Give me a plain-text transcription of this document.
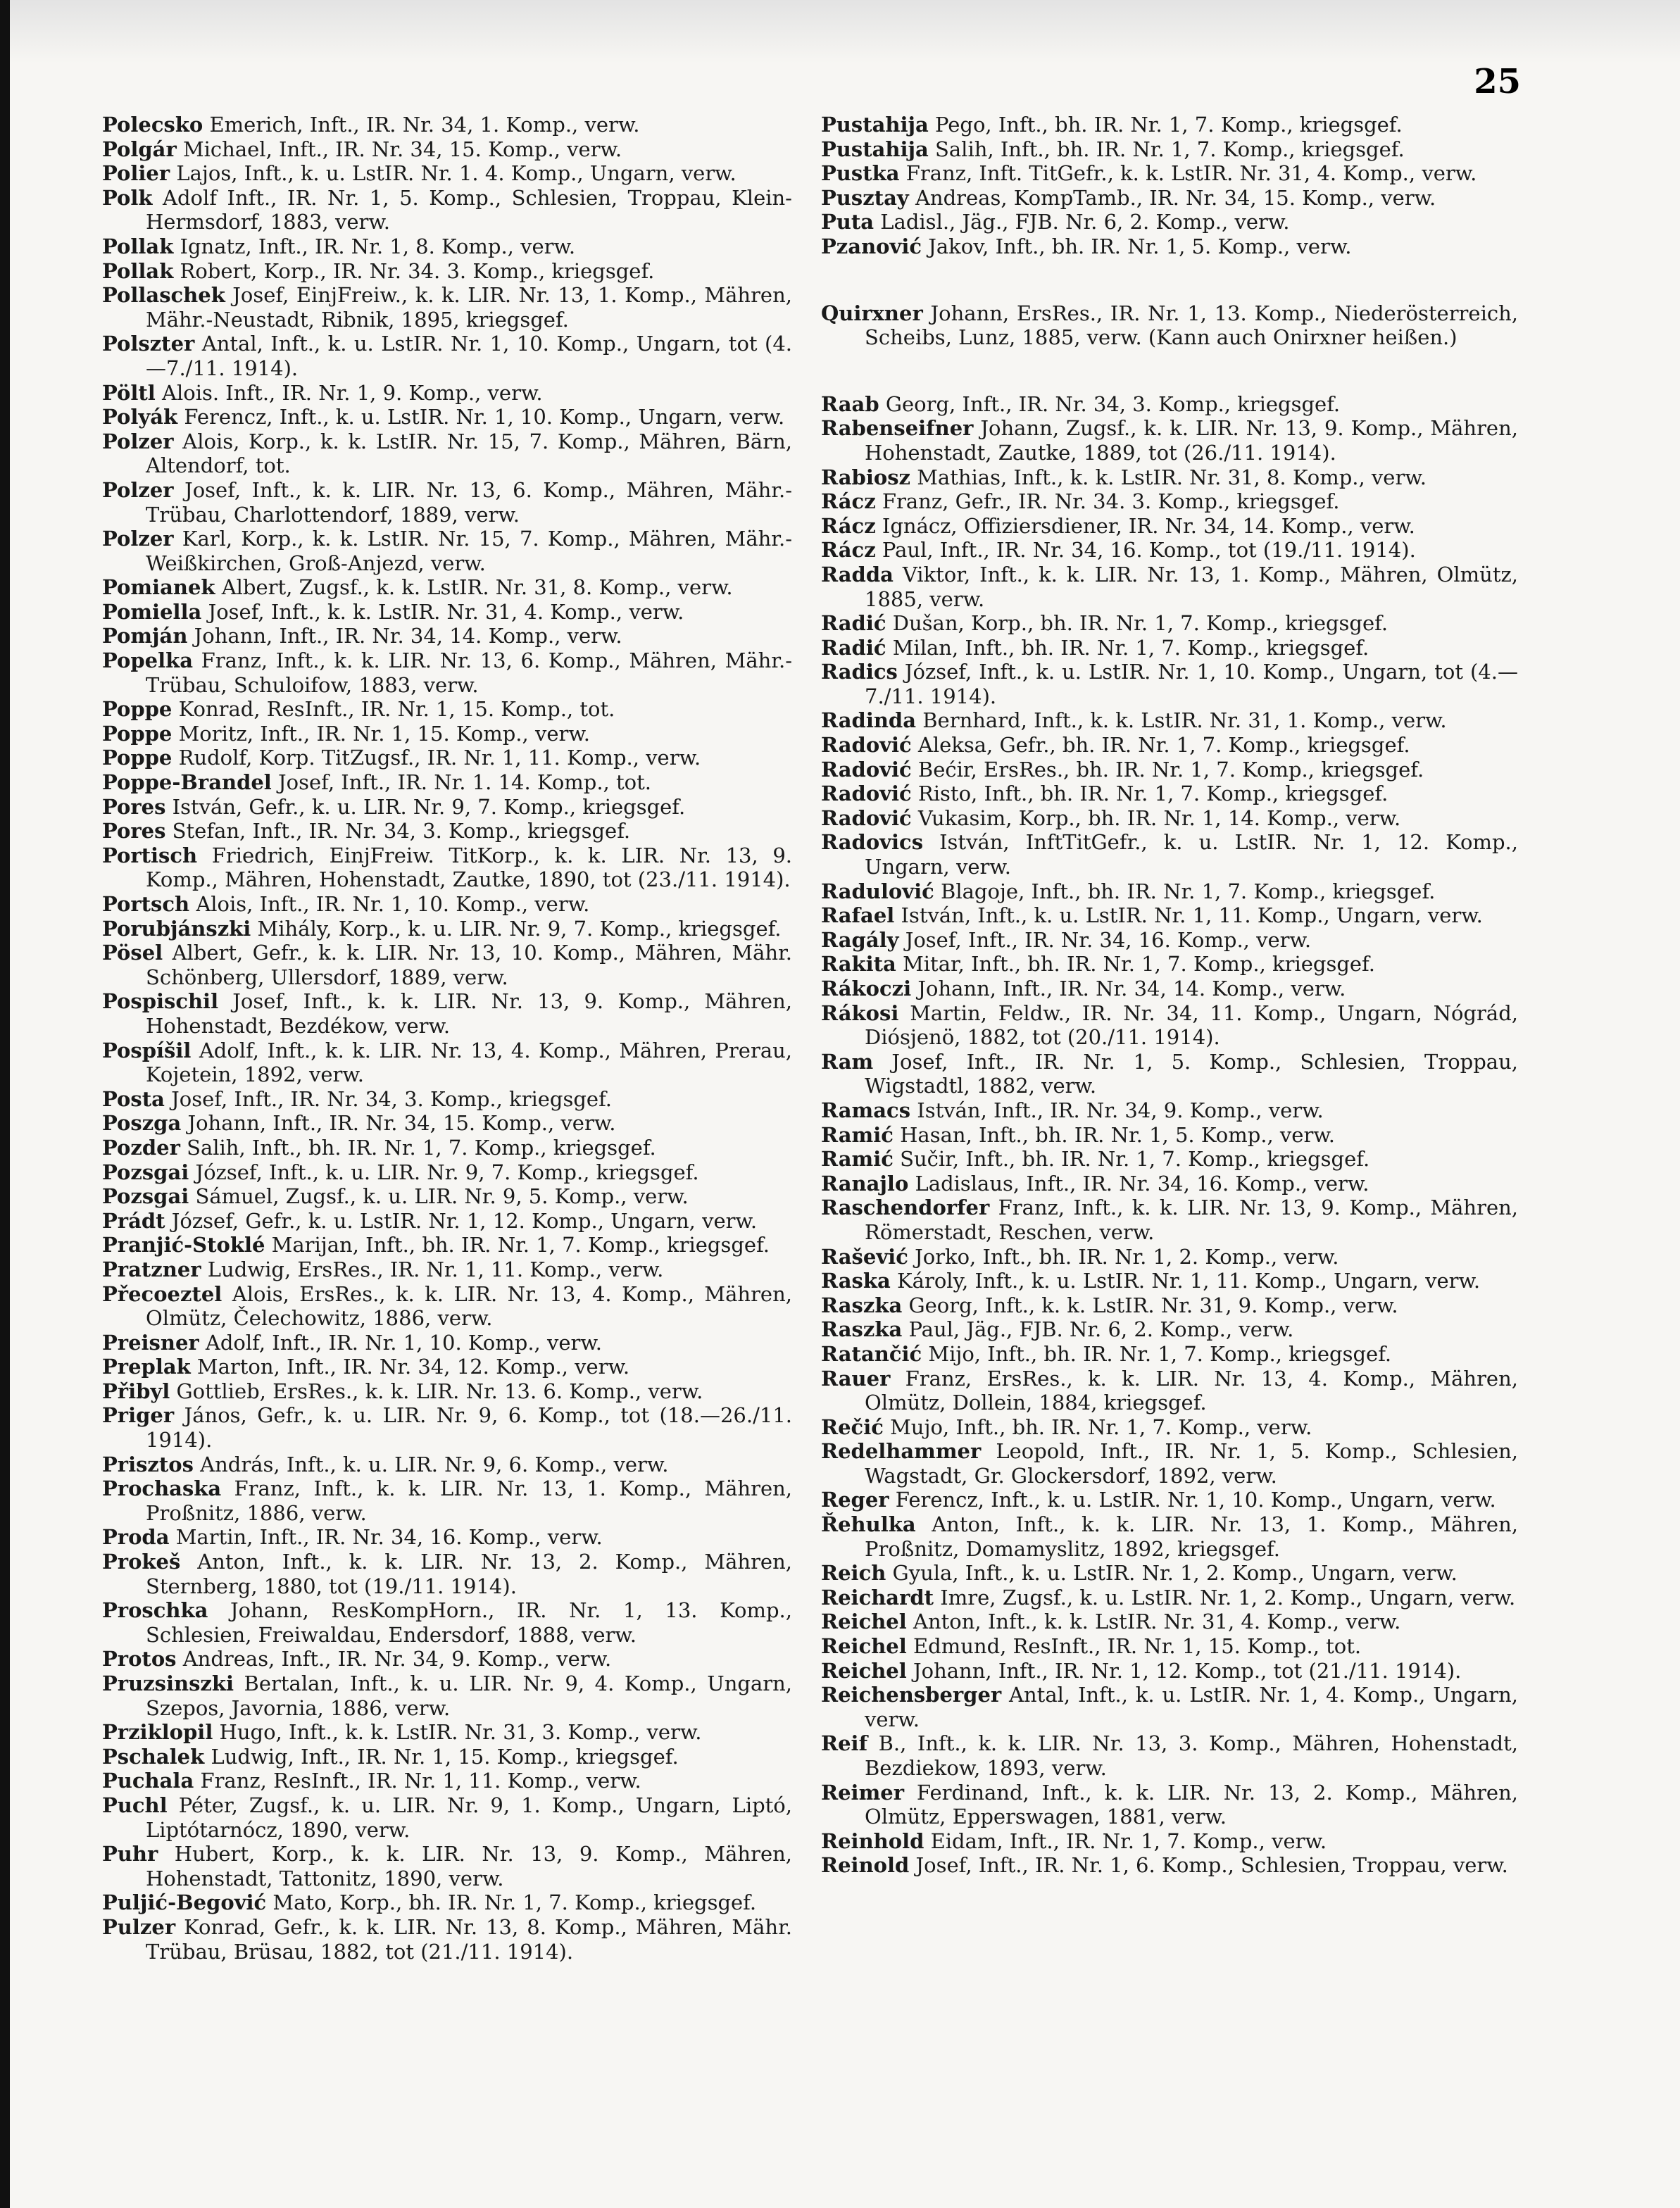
25
Polecsko Emerich, Inft., IR. Nr. 34, 1. Komp., verw.
Polgár Michael, Inft., IR. Nr. 34, 15. Komp., verw.
Polier Lajos, Inft., k. u. LstIR. Nr. 1. 4. Komp., Ungarn, verw.
Polk Adolf Inft., IR. Nr. 1, 5. Komp., Schlesien, Troppau, Klein-Hermsdorf, 1883, verw.
Pollak Ignatz, Inft., IR. Nr. 1, 8. Komp., verw.
Pollak Robert, Korp., IR. Nr. 34. 3. Komp., kriegsgef.
Pollaschek Josef, EinjFreiw., k. k. LIR. Nr. 13, 1. Komp., Mähren, Mähr.-Neustadt, Ribnik, 1895, kriegsgef.
Polszter Antal, Inft., k. u. LstIR. Nr. 1, 10. Komp., Ungarn, tot (4.—7./11. 1914).
Pöltl Alois. Inft., IR. Nr. 1, 9. Komp., verw.
Polyák Ferencz, Inft., k. u. LstIR. Nr. 1, 10. Komp., Ungarn, verw.
Polzer Alois, Korp., k. k. LstIR. Nr. 15, 7. Komp., Mähren, Bärn, Altendorf, tot.
Polzer Josef, Inft., k. k. LIR. Nr. 13, 6. Komp., Mähren, Mähr.-Trübau, Charlottendorf, 1889, verw.
Polzer Karl, Korp., k. k. LstIR. Nr. 15, 7. Komp., Mähren, Mähr.-Weißkirchen, Groß-Anjezd, verw.
Pomianek Albert, Zugsf., k. k. LstIR. Nr. 31, 8. Komp., verw.
Pomiella Josef, Inft., k. k. LstIR. Nr. 31, 4. Komp., verw.
Pomján Johann, Inft., IR. Nr. 34, 14. Komp., verw.
Popelka Franz, Inft., k. k. LIR. Nr. 13, 6. Komp., Mähren, Mähr.-Trübau, Schuloifow, 1883, verw.
Poppe Konrad, ResInft., IR. Nr. 1, 15. Komp., tot.
Poppe Moritz, Inft., IR. Nr. 1, 15. Komp., verw.
Poppe Rudolf, Korp. TitZugsf., IR. Nr. 1, 11. Komp., verw.
Poppe-Brandel Josef, Inft., IR. Nr. 1. 14. Komp., tot.
Pores István, Gefr., k. u. LIR. Nr. 9, 7. Komp., kriegsgef.
Pores Stefan, Inft., IR. Nr. 34, 3. Komp., kriegsgef.
Portisch Friedrich, EinjFreiw. TitKorp., k. k. LIR. Nr. 13, 9. Komp., Mähren, Hohenstadt, Zautke, 1890, tot (23./11. 1914).
Portsch Alois, Inft., IR. Nr. 1, 10. Komp., verw.
Porubjánszki Mihály, Korp., k. u. LIR. Nr. 9, 7. Komp., kriegsgef.
Pösel Albert, Gefr., k. k. LIR. Nr. 13, 10. Komp., Mähren, Mähr. Schönberg, Ullersdorf, 1889, verw.
Pospischil Josef, Inft., k. k. LIR. Nr. 13, 9. Komp., Mähren, Hohenstadt, Bezdékow, verw.
Pospíšil Adolf, Inft., k. k. LIR. Nr. 13, 4. Komp., Mähren, Prerau, Kojetein, 1892, verw.
Posta Josef, Inft., IR. Nr. 34, 3. Komp., kriegsgef.
Poszga Johann, Inft., IR. Nr. 34, 15. Komp., verw.
Pozder Salih, Inft., bh. IR. Nr. 1, 7. Komp., kriegsgef.
Pozsgai József, Inft., k. u. LIR. Nr. 9, 7. Komp., kriegsgef.
Pozsgai Sámuel, Zugsf., k. u. LIR. Nr. 9, 5. Komp., verw.
Prádt József, Gefr., k. u. LstIR. Nr. 1, 12. Komp., Ungarn, verw.
Pranjić-Stoklé Marijan, Inft., bh. IR. Nr. 1, 7. Komp., kriegsgef.
Pratzner Ludwig, ErsRes., IR. Nr. 1, 11. Komp., verw.
Přecoeztel Alois, ErsRes., k. k. LIR. Nr. 13, 4. Komp., Mähren, Olmütz, Čelechowitz, 1886, verw.
Preisner Adolf, Inft., IR. Nr. 1, 10. Komp., verw.
Preplak Marton, Inft., IR. Nr. 34, 12. Komp., verw.
Přibyl Gottlieb, ErsRes., k. k. LIR. Nr. 13. 6. Komp., verw.
Priger János, Gefr., k. u. LIR. Nr. 9, 6. Komp., tot (18.—26./11. 1914).
Prisztos András, Inft., k. u. LIR. Nr. 9, 6. Komp., verw.
Prochaska Franz, Inft., k. k. LIR. Nr. 13, 1. Komp., Mähren, Proßnitz, 1886, verw.
Proda Martin, Inft., IR. Nr. 34, 16. Komp., verw.
Prokeš Anton, Inft., k. k. LIR. Nr. 13, 2. Komp., Mähren, Sternberg, 1880, tot (19./11. 1914).
Proschka Johann, ResKompHorn., IR. Nr. 1, 13. Komp., Schlesien, Freiwaldau, Endersdorf, 1888, verw.
Protos Andreas, Inft., IR. Nr. 34, 9. Komp., verw.
Pruzsinszki Bertalan, Inft., k. u. LIR. Nr. 9, 4. Komp., Ungarn, Szepos, Javornia, 1886, verw.
Prziklopil Hugo, Inft., k. k. LstIR. Nr. 31, 3. Komp., verw.
Pschalek Ludwig, Inft., IR. Nr. 1, 15. Komp., kriegsgef.
Puchala Franz, ResInft., IR. Nr. 1, 11. Komp., verw.
Puchl Péter, Zugsf., k. u. LIR. Nr. 9, 1. Komp., Ungarn, Liptó, Liptótarnócz, 1890, verw.
Puhr Hubert, Korp., k. k. LIR. Nr. 13, 9. Komp., Mähren, Hohenstadt, Tattonitz, 1890, verw.
Puljić-Begović Mato, Korp., bh. IR. Nr. 1, 7. Komp., kriegsgef.
Pulzer Konrad, Gefr., k. k. LIR. Nr. 13, 8. Komp., Mähren, Mähr. Trübau, Brüsau, 1882, tot (21./11. 1914).
Pustahija Pego, Inft., bh. IR. Nr. 1, 7. Komp., kriegsgef.
Pustahija Salih, Inft., bh. IR. Nr. 1, 7. Komp., kriegsgef.
Pustka Franz, Inft. TitGefr., k. k. LstIR. Nr. 31, 4. Komp., verw.
Pusztay Andreas, KompTamb., IR. Nr. 34, 15. Komp., verw.
Puta Ladisl., Jäg., FJB. Nr. 6, 2. Komp., verw.
Pzanović Jakov, Inft., bh. IR. Nr. 1, 5. Komp., verw.
Quirxner Johann, ErsRes., IR. Nr. 1, 13. Komp., Niederösterreich, Scheibs, Lunz, 1885, verw. (Kann auch Onirxner heißen.)
Raab Georg, Inft., IR. Nr. 34, 3. Komp., kriegsgef.
Rabenseifner Johann, Zugsf., k. k. LIR. Nr. 13, 9. Komp., Mähren, Hohenstadt, Zautke, 1889, tot (26./11. 1914).
Rabiosz Mathias, Inft., k. k. LstIR. Nr. 31, 8. Komp., verw.
Rácz Franz, Gefr., IR. Nr. 34. 3. Komp., kriegsgef.
Rácz Ignácz, Offiziersdiener, IR. Nr. 34, 14. Komp., verw.
Rácz Paul, Inft., IR. Nr. 34, 16. Komp., tot (19./11. 1914).
Radda Viktor, Inft., k. k. LIR. Nr. 13, 1. Komp., Mähren, Olmütz, 1885, verw.
Radić Dušan, Korp., bh. IR. Nr. 1, 7. Komp., kriegsgef.
Radić Milan, Inft., bh. IR. Nr. 1, 7. Komp., kriegsgef.
Radics József, Inft., k. u. LstIR. Nr. 1, 10. Komp., Ungarn, tot (4.—7./11. 1914).
Radinda Bernhard, Inft., k. k. LstIR. Nr. 31, 1. Komp., verw.
Radović Aleksa, Gefr., bh. IR. Nr. 1, 7. Komp., kriegsgef.
Radović Bećir, ErsRes., bh. IR. Nr. 1, 7. Komp., kriegsgef.
Radović Risto, Inft., bh. IR. Nr. 1, 7. Komp., kriegsgef.
Radović Vukasim, Korp., bh. IR. Nr. 1, 14. Komp., verw.
Radovics István, InftTitGefr., k. u. LstIR. Nr. 1, 12. Komp., Ungarn, verw.
Radulović Blagoje, Inft., bh. IR. Nr. 1, 7. Komp., kriegsgef.
Rafael István, Inft., k. u. LstIR. Nr. 1, 11. Komp., Ungarn, verw.
Ragály Josef, Inft., IR. Nr. 34, 16. Komp., verw.
Rakita Mitar, Inft., bh. IR. Nr. 1, 7. Komp., kriegsgef.
Rákoczi Johann, Inft., IR. Nr. 34, 14. Komp., verw.
Rákosi Martin, Feldw., IR. Nr. 34, 11. Komp., Ungarn, Nógrád, Diósjenö, 1882, tot (20./11. 1914).
Ram Josef, Inft., IR. Nr. 1, 5. Komp., Schlesien, Troppau, Wigstadtl, 1882, verw.
Ramacs István, Inft., IR. Nr. 34, 9. Komp., verw.
Ramić Hasan, Inft., bh. IR. Nr. 1, 5. Komp., verw.
Ramić Sučir, Inft., bh. IR. Nr. 1, 7. Komp., kriegsgef.
Ranajlo Ladislaus, Inft., IR. Nr. 34, 16. Komp., verw.
Raschendorfer Franz, Inft., k. k. LIR. Nr. 13, 9. Komp., Mähren, Römerstadt, Reschen, verw.
Rašević Jorko, Inft., bh. IR. Nr. 1, 2. Komp., verw.
Raska Károly, Inft., k. u. LstIR. Nr. 1, 11. Komp., Ungarn, verw.
Raszka Georg, Inft., k. k. LstIR. Nr. 31, 9. Komp., verw.
Raszka Paul, Jäg., FJB. Nr. 6, 2. Komp., verw.
Ratančić Mijo, Inft., bh. IR. Nr. 1, 7. Komp., kriegsgef.
Rauer Franz, ErsRes., k. k. LIR. Nr. 13, 4. Komp., Mähren, Olmütz, Dollein, 1884, kriegsgef.
Rečić Mujo, Inft., bh. IR. Nr. 1, 7. Komp., verw.
Redelhammer Leopold, Inft., IR. Nr. 1, 5. Komp., Schlesien, Wagstadt, Gr. Glockersdorf, 1892, verw.
Reger Ferencz, Inft., k. u. LstIR. Nr. 1, 10. Komp., Ungarn, verw.
Řehulka Anton, Inft., k. k. LIR. Nr. 13, 1. Komp., Mähren, Proßnitz, Domamyslitz, 1892, kriegsgef.
Reich Gyula, Inft., k. u. LstIR. Nr. 1, 2. Komp., Ungarn, verw.
Reichardt Imre, Zugsf., k. u. LstIR. Nr. 1, 2. Komp., Ungarn, verw.
Reichel Anton, Inft., k. k. LstIR. Nr. 31, 4. Komp., verw.
Reichel Edmund, ResInft., IR. Nr. 1, 15. Komp., tot.
Reichel Johann, Inft., IR. Nr. 1, 12. Komp., tot (21./11. 1914).
Reichensberger Antal, Inft., k. u. LstIR. Nr. 1, 4. Komp., Ungarn, verw.
Reif B., Inft., k. k. LIR. Nr. 13, 3. Komp., Mähren, Hohenstadt, Bezdiekow, 1893, verw.
Reimer Ferdinand, Inft., k. k. LIR. Nr. 13, 2. Komp., Mähren, Olmütz, Epperswagen, 1881, verw.
Reinhold Eidam, Inft., IR. Nr. 1, 7. Komp., verw.
Reinold Josef, Inft., IR. Nr. 1, 6. Komp., Schlesien, Troppau, verw.
